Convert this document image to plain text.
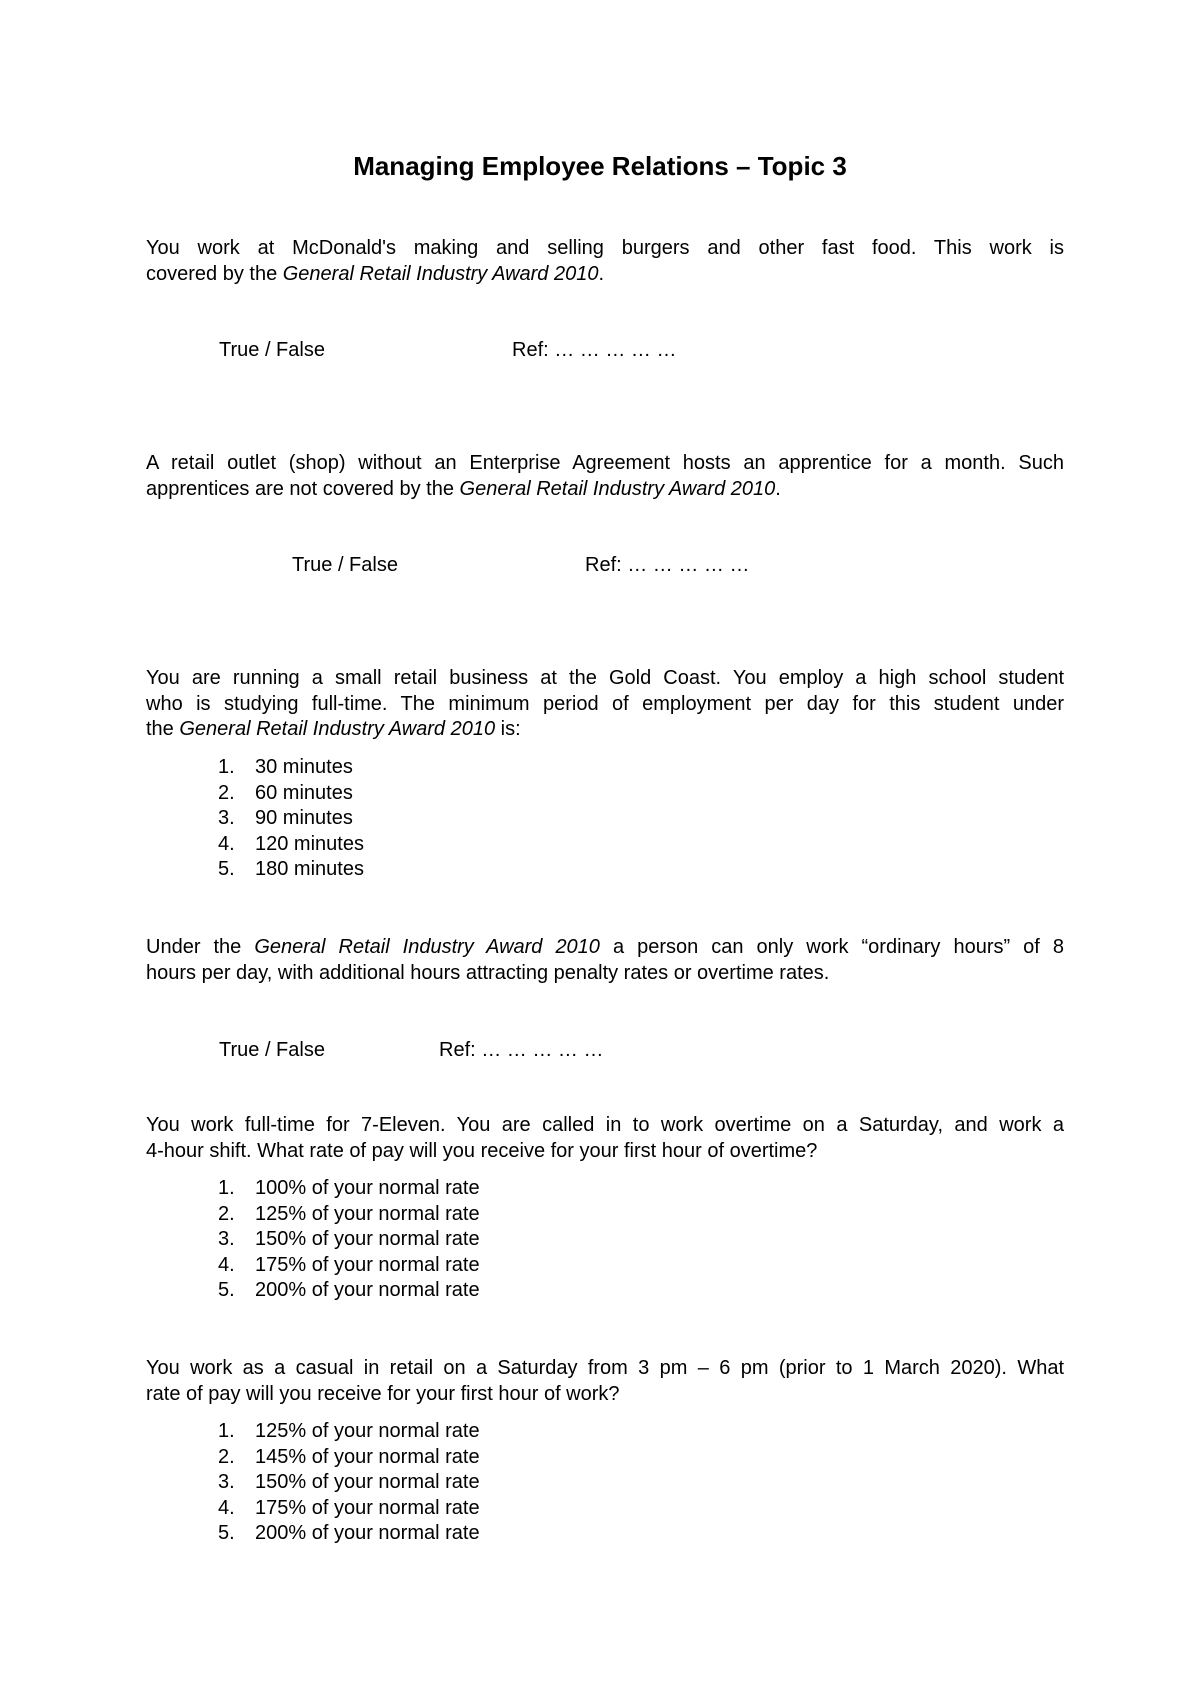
Managing Employee Relations – Topic 3

You work at McDonald's making and selling burgers and other fast food. This work is
covered by the General Retail Industry Award 2010.

True / False	Ref: … … … … …

A retail outlet (shop) without an Enterprise Agreement hosts an apprentice for a month. Such
apprentices are not covered by the General Retail Industry Award 2010.

True / False	Ref: … … … … …

You are running a small retail business at the Gold Coast. You employ a high school student
who is studying full-time. The minimum period of employment per day for this student under
the General Retail Industry Award 2010 is:

1.	30 minutes
2.	60 minutes
3.	90 minutes
4.	120 minutes
5.	180 minutes

Under the General Retail Industry Award 2010 a person can only work “ordinary hours” of 8
hours per day, with additional hours attracting penalty rates or overtime rates.

True / False	Ref: … … … … …

You work full-time for 7-Eleven. You are called in to work overtime on a Saturday, and work a
4-hour shift. What rate of pay will you receive for your first hour of overtime?

1.	100% of your normal rate
2.	125% of your normal rate
3.	150% of your normal rate
4.	175% of your normal rate
5.	200% of your normal rate

You work as a casual in retail on a Saturday from 3 pm – 6 pm (prior to 1 March 2020). What
rate of pay will you receive for your first hour of work?

1.	125% of your normal rate
2.	145% of your normal rate
3.	150% of your normal rate
4.	175% of your normal rate
5.	200% of your normal rate
